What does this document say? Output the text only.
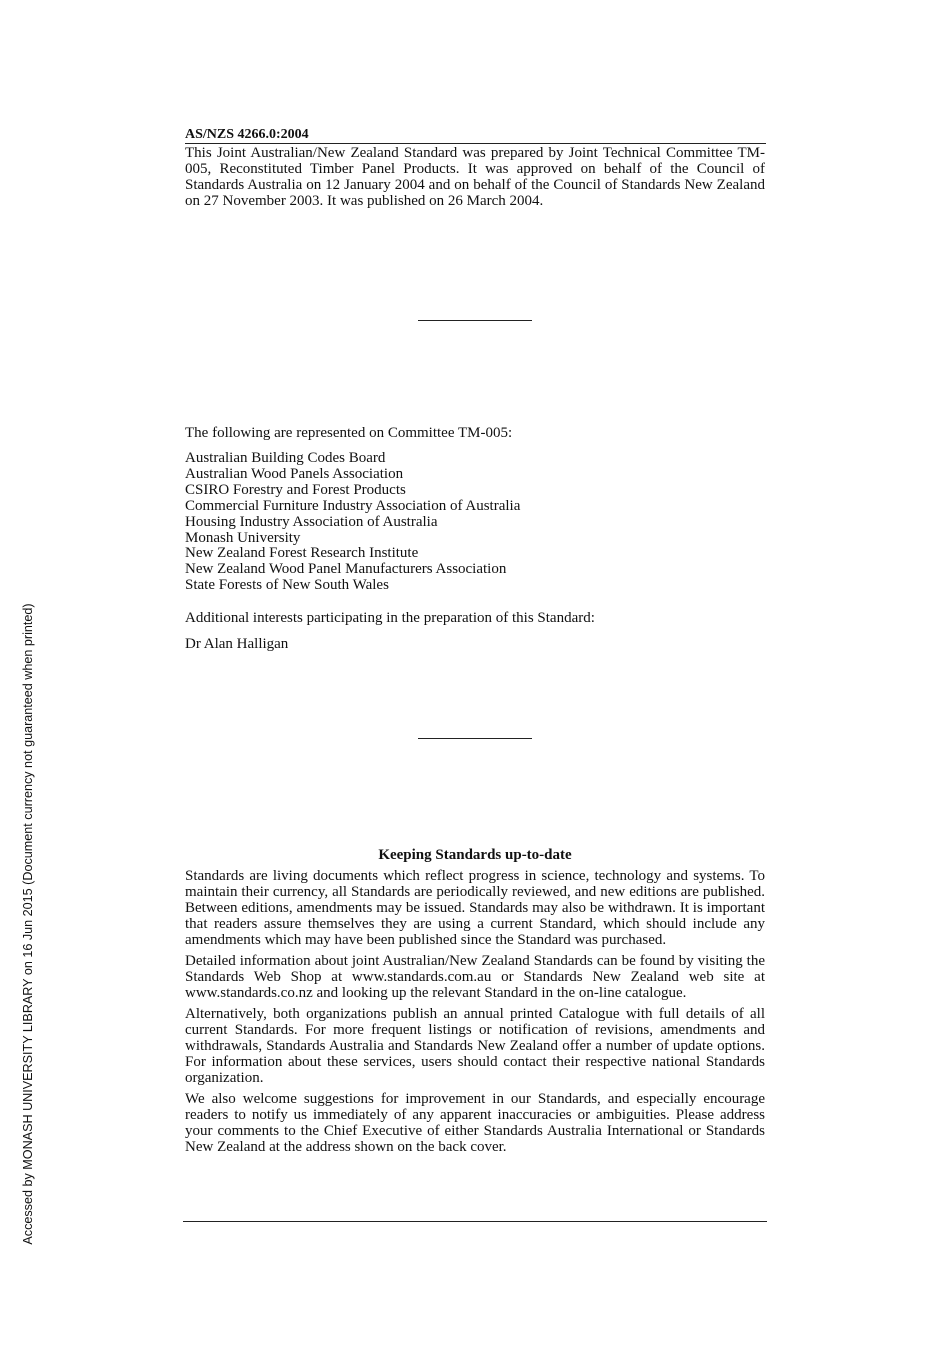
AS/NZS 4266.0:2004

This Joint Australian/New Zealand Standard was prepared by Joint Technical Committee TM-005, Reconstituted Timber Panel Products. It was approved on behalf of the Council of Standards Australia on 12 January 2004 and on behalf of the Council of Standards New Zealand on 27 November 2003. It was published on 26 March 2004.

The following are represented on Committee TM-005:

Australian Building Codes Board
Australian Wood Panels Association
CSIRO Forestry and Forest Products
Commercial Furniture Industry Association of Australia
Housing Industry Association of Australia
Monash University
New Zealand Forest Research Institute
New Zealand Wood Panel Manufacturers Association
State Forests of New South Wales

Additional interests participating in the preparation of this Standard:

Dr Alan Halligan

Keeping Standards up-to-date

Standards are living documents which reflect progress in science, technology and systems. To maintain their currency, all Standards are periodically reviewed, and new editions are published. Between editions, amendments may be issued. Standards may also be withdrawn. It is important that readers assure themselves they are using a current Standard, which should include any amendments which may have been published since the Standard was purchased.

Detailed information about joint Australian/New Zealand Standards can be found by visiting the Standards Web Shop at www.standards.com.au or Standards New Zealand web site at www.standards.co.nz and looking up the relevant Standard in the on-line catalogue.

Alternatively, both organizations publish an annual printed Catalogue with full details of all current Standards. For more frequent listings or notification of revisions, amendments and withdrawals, Standards Australia and Standards New Zealand offer a number of update options. For information about these services, users should contact their respective national Standards organization.

We also welcome suggestions for improvement in our Standards, and especially encourage readers to notify us immediately of any apparent inaccuracies or ambiguities. Please address your comments to the Chief Executive of either Standards Australia International or Standards New Zealand at the address shown on the back cover.

Accessed by MONASH UNIVERSITY LIBRARY on 16 Jun 2015 (Document currency not guaranteed when printed)
